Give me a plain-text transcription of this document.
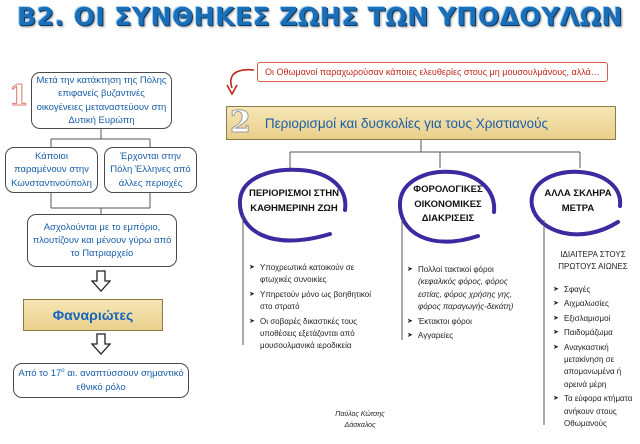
Β2. ΟΙ ΣΥΝΘΗΚΕΣ ΖΩΗΣ ΤΩΝ ΥΠΟΔΟΥΛΩΝ
1 Μετά την κατάκτηση της Πόλης επιφανείς βυζαντινές οικογένειες μεταναστεύουν στη Δυτική Ευρώπη
Κάποιοι παραμένουν στην Κωνσταντινούπολη
Έρχονται στην Πόλη Έλληνες από άλλες περιοχές
Ασχολούνται με το εμπόριο, πλουτίζουν και μένουν γύρω από το Πατριαρχείο
Φαναριώτες
Από το $17^o$ αι. αναπτύσσουν σημαντικό εθνικό ρόλο
Οι Οθωμανοί παραχωρούσαν κάποιες ελευθερίες στους μη μουσουλμάνους, αλλά…
2 Περιορισμοί και δυσκολίες για τους Χριστιανούς
ΠΕΡΙΟΡΙΣΜΟΙ ΣΤΗΝ
ΚΑΘΗΜΕΡΙΝΗ ΖΩΗ
ΦΟΡΟΛΟΓΙΚΕΣ
ΟΙΚΟΝΟΜΙΚΕΣ
ΔΙΑΚΡΙΣΕΙΣ
ΑΛΛΑ ΣΚΛΗΡΑ
ΜΕΤΡΑ
➤ Υποχρεωτικά κατοικούν σε φτωχικές συνοικίες
➤ Υπηρετούν μόνο ως βοηθητικοί στο στρατό
➤ Οι σοβαρές δικαστικές τους υποθέσεις εξετάζονται από μουσουλμανικά ιεροδικεία
➤ Πολλοί τακτικοί φόροι
(κεφαλικός φόρος, φόρος εστίας, φόρος χρήσης γης, φόρος παραγωγής-δεκάτη)
➤ Έκτακτοι φόροι
➤ Αγγαρείες
ΙΔΙΑΙΤΕΡΑ ΣΤΟΥΣ ΠΡΩΤΟΥΣ ΑΙΩΝΕΣ
➤ Σφαγές
➤ Αιχμαλωσίες
➤ Εξισλαμισμοί
➤ Παιδομάζωμα
➤ Αναγκαστική μετακίνηση σε απομονωμένα ή ορεινά μέρη
➤ Τα εύφορα κτήματα ανήκουν στους Οθωμανούς
Παύλος Κώτσης
Δάσκαλος
